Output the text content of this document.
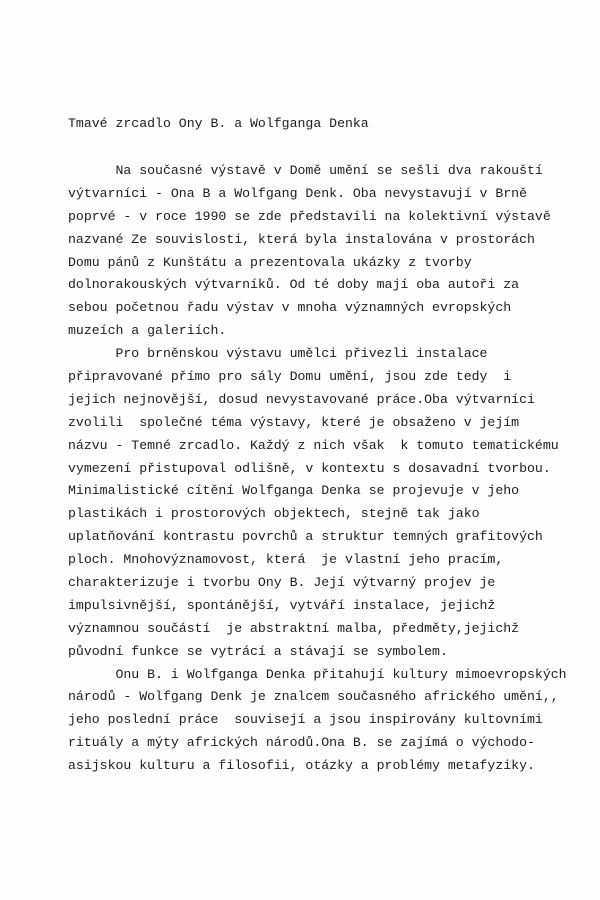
Tmavé zrcadlo Ony B. a Wolfganga Denka
Na současné výstavě v Domě umění se sešli dva rakouští
výtvarníci - Ona B a Wolfgang Denk. Oba nevystavují v Brně
poprvé - v roce 1990 se zde představili na kolektivní výstavě
nazvané Ze souvislosti, která byla instalována v prostorách
Domu pánů z Kunštátu a prezentovala ukázky z tvorby
dolnorakouských výtvarníků. Od té doby mají oba autoři za
sebou početnou řadu výstav v mnoha významných evropských
muzeích a galeriích.
Pro brněnskou výstavu umělci přivezli instalace
připravované přímo pro sály Domu umění, jsou zde tedy  i
jejich nejnovější, dosud nevystavované práce.Oba výtvarníci
zvolili  společné téma výstavy, které je obsaženo v jejím
názvu - Temné zrcadlo. Každý z nich však  k tomuto tematickému
vymezení přistupoval odlišně, v kontextu s dosavadní tvorbou.
Minimalistické cítění Wolfganga Denka se projevuje v jeho
plastikách i prostorových objektech, stejně tak jako
uplatňování kontrastu povrchů a struktur temných grafitových
ploch. Mnohovýznamovost, která  je vlastní jeho pracím,
charakterizuje i tvorbu Ony B. Její výtvarný projev je
impulsivnější, spontánější, vytváří instalace, jejichž
významnou součástí  je abstraktní malba, předměty,jejichž
původní funkce se vytrácí a stávají se symbolem.
Onu B. i Wolfganga Denka přitahují kultury mimoevropských
národů - Wolfgang Denk je znalcem současného afrického umění,,
jeho poslední práce  souvisejí a jsou inspirovány kultovními
rituály a mýty afrických národů.Ona B. se zajímá o východo-
asijskou kulturu a filosofii, otázky a problémy metafyziky.
